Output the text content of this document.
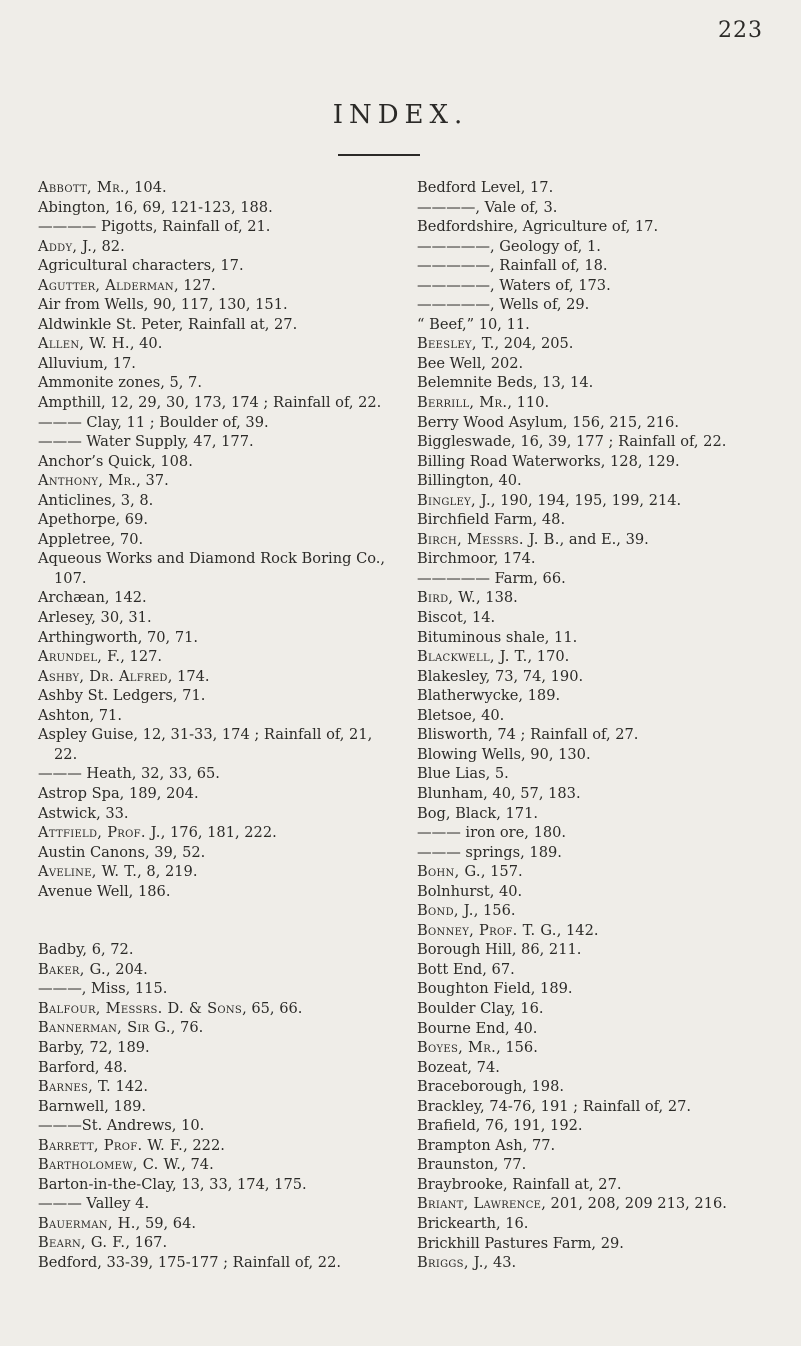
223
INDEX.
Abbott, Mr., 104.
Abington, 16, 69, 121-123, 188.
———— Pigotts, Rainfall of, 21.
Addy, J., 82.
Agricultural characters, 17.
Agutter, Alderman, 127.
Air from Wells, 90, 117, 130, 151.
Aldwinkle St. Peter, Rainfall at, 27.
Allen, W. H., 40.
Alluvium, 17.
Ammonite zones, 5, 7.
Ampthill, 12, 29, 30, 173, 174 ; Rainfall of, 22.
——— Clay, 11 ; Boulder of, 39.
——— Water Supply, 47, 177.
Anchor’s Quick, 108.
Anthony, Mr., 37.
Anticlines, 3, 8.
Apethorpe, 69.
Appletree, 70.
Aqueous Works and Diamond Rock Boring Co., 107.
Archæan, 142.
Arlesey, 30, 31.
Arthingworth, 70, 71.
Arundel, F., 127.
Ashby, Dr. Alfred, 174.
Ashby St. Ledgers, 71.
Ashton, 71.
Aspley Guise, 12, 31-33, 174 ; Rainfall of, 21, 22.
——— Heath, 32, 33, 65.
Astrop Spa, 189, 204.
Astwick, 33.
Attfield, Prof. J., 176, 181, 222.
Austin Canons, 39, 52.
Aveline, W. T., 8, 219.
Avenue Well, 186.
Badby, 6, 72.
Baker, G., 204.
———, Miss, 115.
Balfour, Messrs. D. & Sons, 65, 66.
Bannerman, Sir G., 76.
Barby, 72, 189.
Barford, 48.
Barnes, T. 142.
Barnwell, 189.
———St. Andrews, 10.
Barrett, Prof. W. F., 222.
Bartholomew, C. W., 74.
Barton-in-the-Clay, 13, 33, 174, 175.
——— Valley 4.
Bauerman, H., 59, 64.
Bearn, G. F., 167.
Bedford, 33-39, 175-177 ; Rainfall of, 22.
Bedford Level, 17.
————, Vale of, 3.
Bedfordshire, Agriculture of, 17.
—————, Geology of, 1.
—————, Rainfall of, 18.
—————, Waters of, 173.
—————, Wells of, 29.
“ Beef,” 10, 11.
Beesley, T., 204, 205.
Bee Well, 202.
Belemnite Beds, 13, 14.
Berrill, Mr., 110.
Berry Wood Asylum, 156, 215, 216.
Biggleswade, 16, 39, 177 ; Rainfall of, 22.
Billing Road Waterworks, 128, 129.
Billington, 40.
Bingley, J., 190, 194, 195, 199, 214.
Birchfield Farm, 48.
Birch, Messrs. J. B., and E., 39.
Birchmoor, 174.
————— Farm, 66.
Bird, W., 138.
Biscot, 14.
Bituminous shale, 11.
Blackwell, J. T., 170.
Blakesley, 73, 74, 190.
Blatherwycke, 189.
Bletsoe, 40.
Blisworth, 74 ; Rainfall of, 27.
Blowing Wells, 90, 130.
Blue Lias, 5.
Blunham, 40, 57, 183.
Bog, Black, 171.
——— iron ore, 180.
——— springs, 189.
Bohn, G., 157.
Bolnhurst, 40.
Bond, J., 156.
Bonney, Prof. T. G., 142.
Borough Hill, 86, 211.
Bott End, 67.
Boughton Field, 189.
Boulder Clay, 16.
Bourne End, 40.
Boyes, Mr., 156.
Bozeat, 74.
Braceborough, 198.
Brackley, 74-76, 191 ; Rainfall of, 27.
Brafield, 76, 191, 192.
Brampton Ash, 77.
Braunston, 77.
Braybrooke, Rainfall at, 27.
Briant, Lawrence, 201, 208, 209 213, 216.
Brickearth, 16.
Brickhill Pastures Farm, 29.
Briggs, J., 43.
